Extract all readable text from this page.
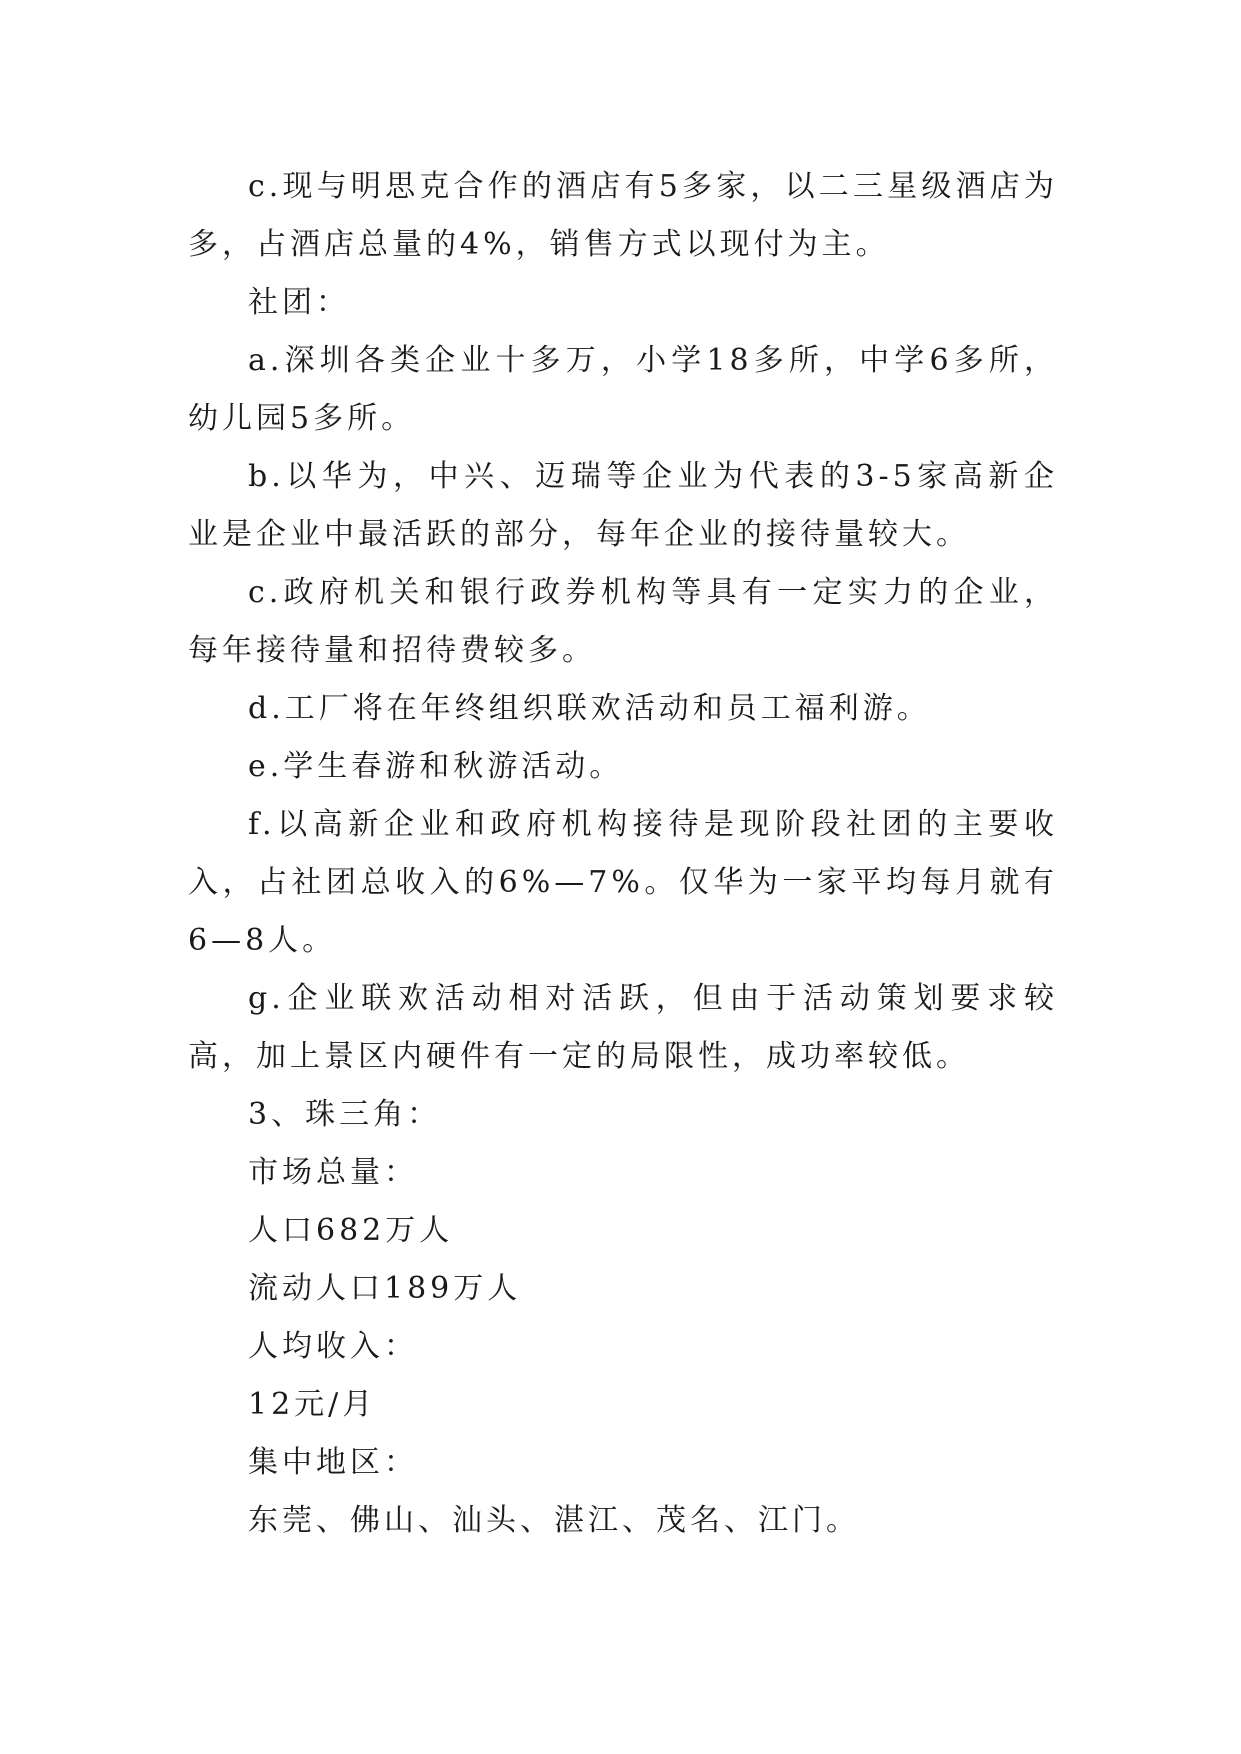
c.现与明思克合作的酒店有5多家，以二三星级酒店为多，占酒店总量的4%，销售方式以现付为主。

社团：

a.深圳各类企业十多万，小学18多所，中学6多所，幼儿园5多所。

b.以华为，中兴、迈瑞等企业为代表的3-5家高新企业是企业中最活跃的部分，每年企业的接待量较大。

c.政府机关和银行政券机构等具有一定实力的企业，每年接待量和招待费较多。

d.工厂将在年终组织联欢活动和员工福利游。

e.学生春游和秋游活动。

f.以高新企业和政府机构接待是现阶段社团的主要收入，占社团总收入的6%—7%。仅华为一家平均每月就有6—8人。

g.企业联欢活动相对活跃，但由于活动策划要求较高，加上景区内硬件有一定的局限性，成功率较低。

3、珠三角：

市场总量：

人口682万人

流动人口189万人

人均收入：

12元/月

集中地区：

东莞、佛山、汕头、湛江、茂名、江门。
